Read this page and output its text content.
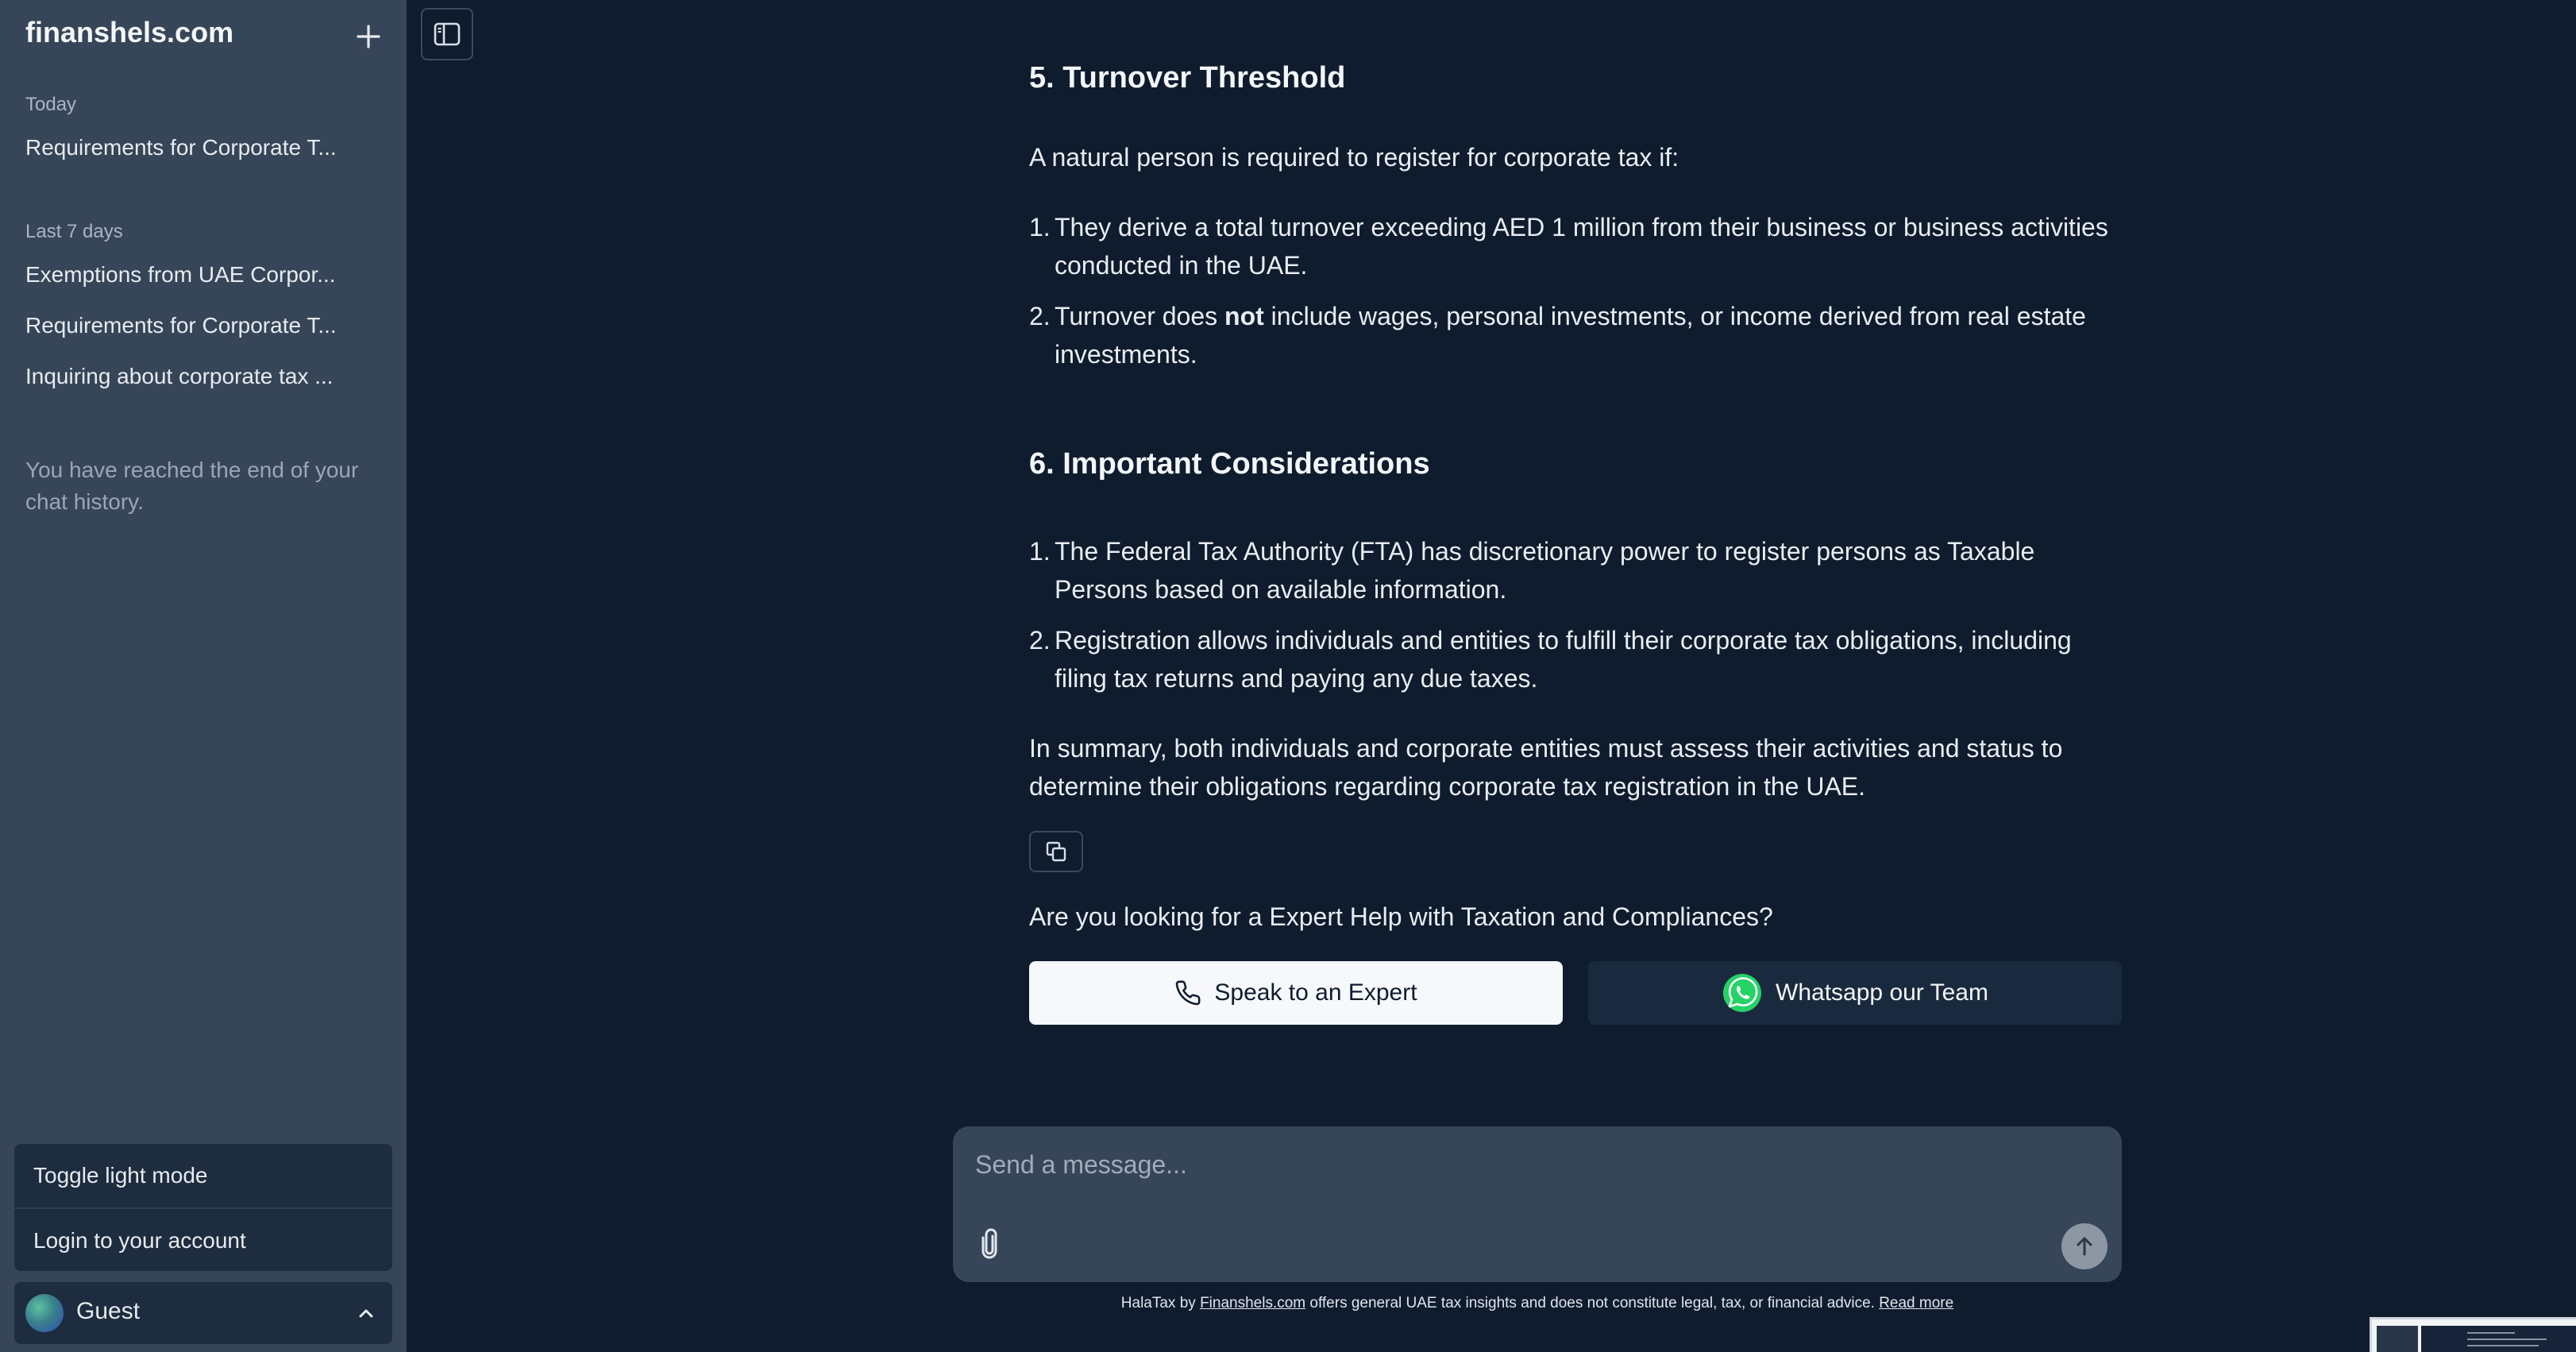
finanshels.com
Today
Requirements for Corporate T...
Last 7 days
Exemptions from UAE Corpor...
Requirements for Corporate T...
Inquiring about corporate tax ...
You have reached the end of your chat history.
Toggle light mode
Login to your account
Guest
5. Turnover Threshold
A natural person is required to register for corporate tax if:
1. They derive a total turnover exceeding AED 1 million from their business or business activities conducted in the UAE.
2. Turnover does not include wages, personal investments, or income derived from real estate investments.
6. Important Considerations
1. The Federal Tax Authority (FTA) has discretionary power to register persons as Taxable Persons based on available information.
2. Registration allows individuals and entities to fulfill their corporate tax obligations, including filing tax returns and paying any due taxes.
In summary, both individuals and corporate entities must assess their activities and status to determine their obligations regarding corporate tax registration in the UAE.
Are you looking for a Expert Help with Taxation and Compliances?
Speak to an Expert	Whatsapp our Team
Send a message...
HalaTax by Finanshels.com offers general UAE tax insights and does not constitute legal, tax, or financial advice. Read more
